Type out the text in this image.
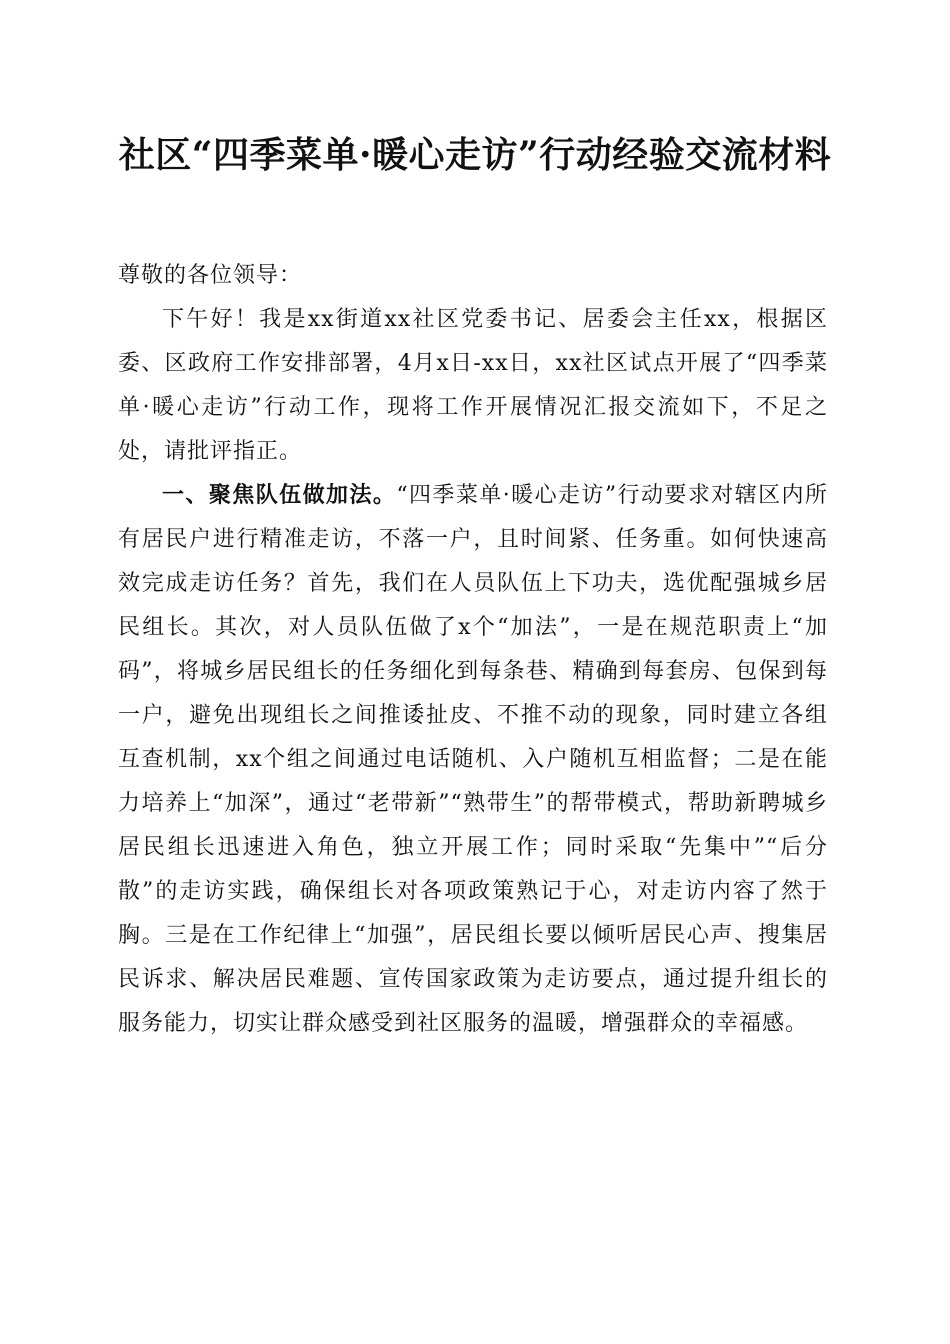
社区“四季菜单·暖心走访”行动经验交流材料

尊敬的各位领导：

下午好！我是xx街道xx社区党委书记、居委会主任xx，根据区委、区政府工作安排部署，4月x日-xx日，xx社区试点开展了“四季菜单·暖心走访”行动工作，现将工作开展情况汇报交流如下，不足之处，请批评指正。

一、聚焦队伍做加法。“四季菜单·暖心走访”行动要求对辖区内所有居民户进行精准走访，不落一户，且时间紧、任务重。如何快速高效完成走访任务？首先，我们在人员队伍上下功夫，选优配强城乡居民组长。其次，对人员队伍做了x个“加法”，一是在规范职责上“加码”，将城乡居民组长的任务细化到每条巷、精确到每套房、包保到每一户，避免出现组长之间推诿扯皮、不推不动的现象，同时建立各组互查机制，xx个组之间通过电话随机、入户随机互相监督；二是在能力培养上“加深”，通过“老带新”“熟带生”的帮带模式，帮助新聘城乡居民组长迅速进入角色，独立开展工作；同时采取“先集中”“后分散”的走访实践，确保组长对各项政策熟记于心，对走访内容了然于胸。三是在工作纪律上“加强”，居民组长要以倾听居民心声、搜集居民诉求、解决居民难题、宣传国家政策为走访要点，通过提升组长的服务能力，切实让群众感受到社区服务的温暖，增强群众的幸福感。
